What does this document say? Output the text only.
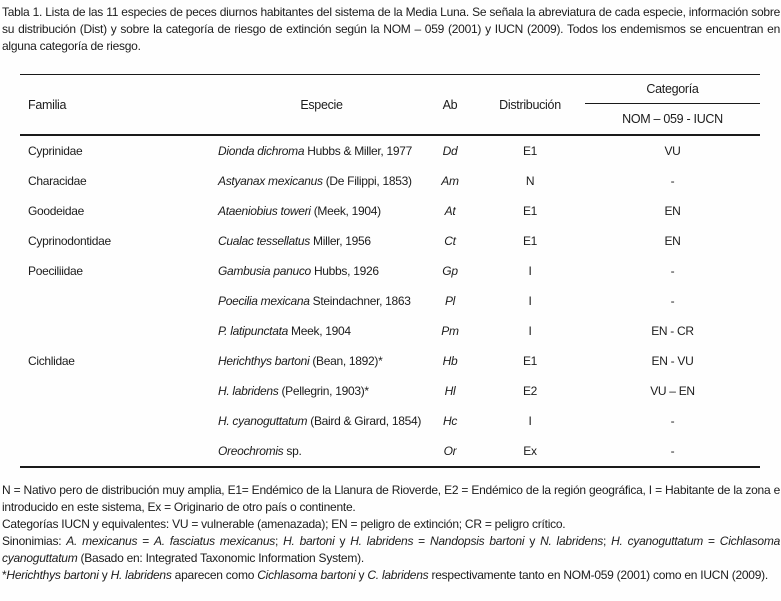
Tabla 1. Lista de las 11 especies de peces diurnos habitantes del sistema de la Media Luna. Se señala la abreviatura de cada especie, información sobre su distribución (Dist) y sobre la categoría de riesgo de extinción según la NOM – 059 (2001) y IUCN (2009). Todos los endemismos se encuentran en alguna categoría de riesgo.

Familia	Especie	Ab	Distribución	Categoría
				NOM – 059 - IUCN
Cyprinidae	Dionda dichroma Hubbs & Miller, 1977	Dd	E1	VU
Characidae	Astyanax mexicanus (De Filippi, 1853)	Am	N	-
Goodeidae	Ataeniobius toweri (Meek, 1904)	At	E1	EN
Cyprinodontidae	Cualac tessellatus Miller, 1956	Ct	E1	EN
Poeciliidae	Gambusia panuco Hubbs, 1926	Gp	I	-
	Poecilia mexicana Steindachner, 1863	Pl	I	-
	P. latipunctata Meek, 1904	Pm	I	EN - CR
Cichlidae	Herichthys bartoni (Bean, 1892)*	Hb	E1	EN - VU
	H. labridens (Pellegrin, 1903)*	Hl	E2	VU – EN
	H. cyanoguttatum (Baird & Girard, 1854)	Hc	I	-
	Oreochromis sp.	Or	Ex	-

N = Nativo pero de distribución muy amplia, E1= Endémico de la Llanura de Rioverde, E2 = Endémico de la región geográfica, I = Habitante de la zona e introducido en este sistema, Ex = Originario de otro país o continente.

Categorías IUCN y equivalentes: VU = vulnerable (amenazada); EN = peligro de extinción; CR = peligro crítico.

Sinonimias: A. mexicanus = A. fasciatus mexicanus; H. bartoni y H. labridens = Nandopsis bartoni y N. labridens; H. cyanoguttatum = Cichlasoma cyanoguttatum (Basado en: Integrated Taxonomic Information System).

*Herichthys bartoni y H. labridens aparecen como Cichlasoma bartoni y C. labridens respectivamente tanto en NOM-059 (2001) como en IUCN (2009).
